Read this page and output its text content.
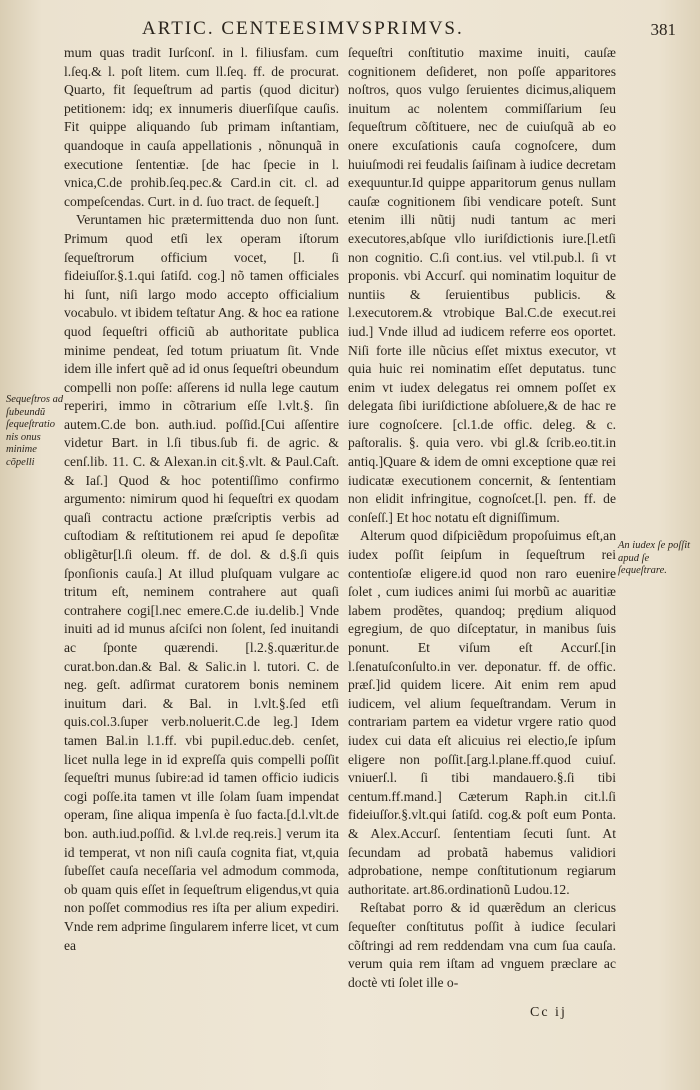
ARTIC. CENTEESIMVSPRIMVS.	381
Sequeſtros ad ſubeundũ ſequeſtratio nis onus minime cõpelli

mum quas tradit Iurſconſ. in l. filiusfam. cum l.ſeq.& l. poſt litem. cum ll.ſeq. ff. de procurat. Quarto, fit ſequeſtrum ad partis (quod dicitur) petitionem: idq; ex innumeris diuerſiſque cauſis. Fit quippe aliquando ſub primam inſtantiam, quandoque in cauſa appellationis , nõnunquã in executione ſententiæ. [de hac ſpecie in l. vnica,C.de prohib.ſeq.pec.& Card.in cit. cl. ad compeſcendas. Curt. in d. ſuo tract. de ſequeſt.]

Veruntamen hic prætermittenda duo non ſunt. Primum quod etſi lex operam iſtorum ſequeſtrorum officium vocet, [l. ſi fideiuſſor.§.1.qui ſatiſd. cog.] nõ tamen officiales hi ſunt, niſi largo modo accepto officialium vocabulo. vt ibidem teſtatur Ang. & hoc ea ratione quod ſequeſtri officiũ ab authoritate publica minime pendeat, ſed totum priuatum ſit. Vnde idem ille infert quẽ ad id onus ſequeſtri obeundum compelli non poſſe: aſſerens id nulla lege cautum reperiri, immo in cõtrarium eſſe l.vlt.§. ſin autem.C.de bon. auth.iud. poſſid.[Cui aſſentire videtur Bart. in l.ſi tibus.ſub fi. de agric. & cenſ.lib. 11. C. & Alexan.in cit.§.vlt. & Paul.Caſt. & Iaſ.] Quod & hoc potentiſſimo confirmo argumento: nimirum quod hi ſequeſtri ex quodam quaſi contractu actione præſcriptis verbis ad cuſtodiam & reſtitutionem rei apud ſe depoſitæ obligẽtur[l.ſi oleum. ff. de dol. & d.§.ſi quis ſponſionis cauſa.] At illud pluſquam vulgare ac tritum eſt, neminem contrahere aut quaſi contrahere cogi[l.nec emere.C.de iu.delib.] Vnde inuiti ad id munus aſciſci non ſolent, ſed inuitandi ac ſponte quærendi. [l.2.§.quæritur.de curat.bon.dan.& Bal. & Salic.in l. tutori. C. de neg. geſt. adſirmat curatorem bonis neminem inuitum dari. & Bal. in l.vlt.§.ſed etſi quis.col.3.ſuper verb.noluerit.C.de leg.] Idem tamen Bal.in l.1.ff. vbi pupil.educ.deb. cenſet, licet nulla lege in id expreſſa quis compelli poſſit ſequeſtri munus ſubire:ad id tamen officio iudicis cogi poſſe.ita tamen vt ille ſolam ſuam impendat operam, ſine aliqua impenſa è ſuo facta.[d.l.vlt.de bon. auth.iud.poſſid. & l.vl.de req.reis.] verum ita id temperat, vt non niſi cauſa cognita fiat, vt,quia ſubeſſet cauſa neceſſaria vel admodum commoda, ob quam quis eſſet in ſequeſtrum eligendus,vt quia non poſſet commodius res iſta per alium expediri. Vnde rem adprime ſingularem inferre licet, vt cum ea

ſequeſtri conſtitutio maxime inuiti, cauſæ cognitionem deſideret, non poſſe apparitores noſtros, quos vulgo ſeruientes dicimus,aliquem inuitum ac nolentem commiſſarium ſeu ſequeſtrum cõſtituere, nec de cuiuſquã ab eo onere excuſationis cauſa cognoſcere, dum huiuſmodi rei feudalis ſaiſinam à iudice decretam exequuntur.Id quippe apparitorum genus nullam cauſæ cognitionem ſibi vendicare poteſt. Sunt etenim illi nũtij nudi tantum ac meri executores,abſque vllo iuriſdictionis iure.[l.etſi non cognitio. C.ſi cont.ius. vel vtil.pub.l. ſi vt proponis. vbi Accurſ. qui nominatim loquitur de nuntiis & ſeruientibus publicis. & l.executorem.& vtrobique Bal.C.de execut.rei iud.] Vnde illud ad iudicem referre eos oportet. Niſi forte ille nũcius eſſet mixtus executor, vt quia huic rei nominatim eſſet deputatus. tunc enim vt iudex delegatus rei omnem poſſet ex delegata ſibi iuriſdictione abſoluere,& de hac re iure cognoſcere. [cl.1.de offic. deleg. & c. paſtoralis. §. quia vero. vbi gl.& ſcrib.eo.tit.in antiq.]Quare & idem de omni exceptione quæ rei iudicatæ executionem concernit, & ſententiam non elidit infringitue, cognoſcet.[l. pen. ff. de conſeſſ.] Et hoc notatu eſt digniſſimum.

Alterum quod diſpiciẽdum propoſuimus eſt,an iudex poſſit ſeipſum in ſequeſtrum rei contentioſæ eligere.id quod non raro euenire ſolet , cum iudices animi ſui morbũ ac auaritiæ labem prodẽtes, quandoq; prędium aliquod egregium, de quo diſceptatur, in manibus ſuis ponunt. Et viſum eſt Accurſ.[in l.ſenatuſconſulto.in ver. deponatur. ff. de offic. præſ.]id quidem licere. Ait enim rem apud iudicem, vel alium ſequeſtrandam. Verum in contrariam partem ea videtur vrgere ratio quod iudex cui data eſt alicuius rei electio,ſe ipſum eligere non poſſit.[arg.l.plane.ff.quod cuiuſ. vniuerſ.l. ſi tibi mandauero.§.ſi tibi centum.ff.mand.] Cæterum Raph.in cit.l.ſi fideiuſſor.§.vlt.qui ſatiſd. cog.& poſt eum Ponta. & Alex.Accurſ. ſententiam ſecuti ſunt. At ſecundam ad probatã habemus validiori adprobatione, nempe conſtitutionum regiarum authoritate. art.86.ordinationũ Ludou.12.

Reſtabat porro & id quærẽdum an clericus ſequeſter conſtitutus poſſit à iudice ſeculari cõſtringi ad rem reddendam vna cum ſua cauſa. verum quia rem iſtam ad vnguem præclare ac doctè vti ſolet ille o-

An iudex ſe poſſit apud ſe ſequeſtrare.
Cc ij
